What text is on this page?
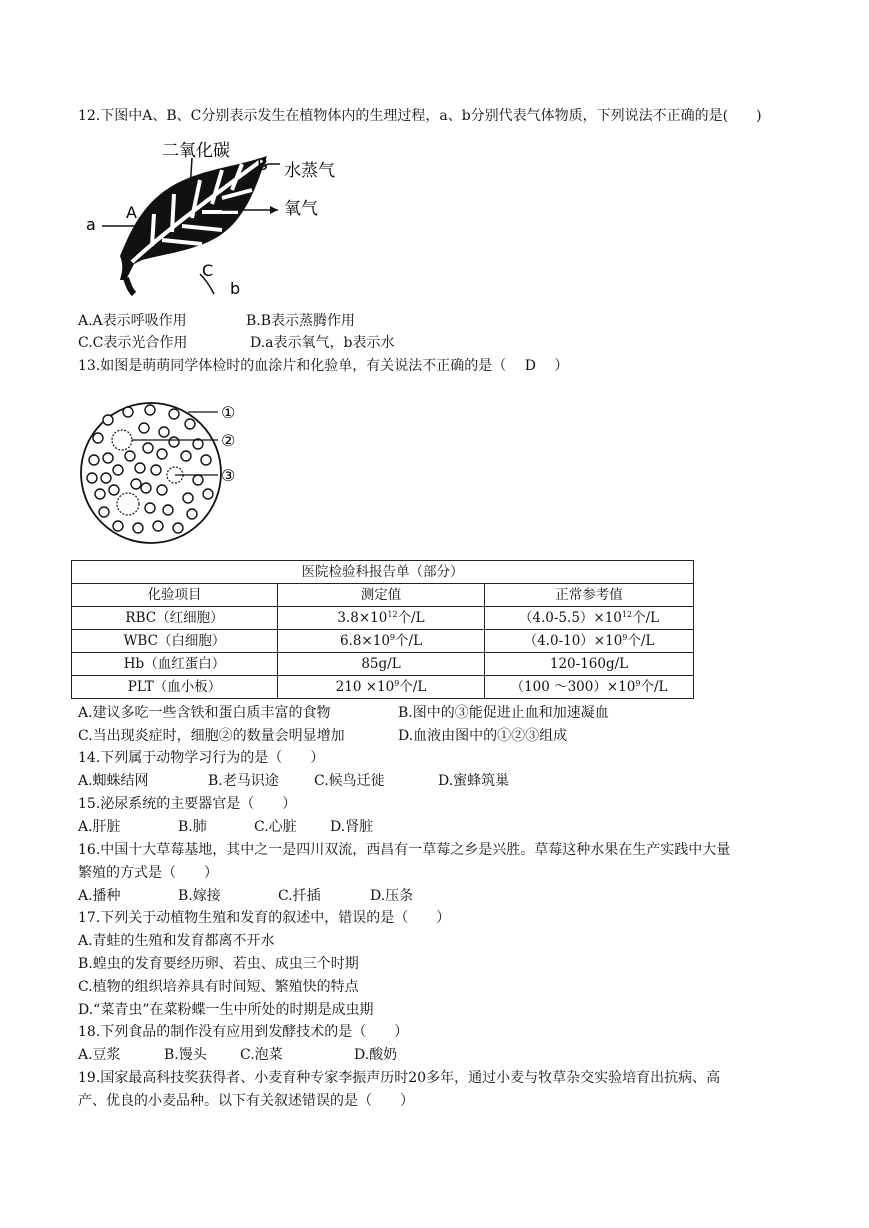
12.下图中A、B、C分别表示发生在植物体内的生理过程，a、b分别代表气体物质，下列说法不正确的是(　　)
二氧化碳
B 水蒸气
A	氧气
a
C
b
A.A表示呼吸作用	B.B表示蒸腾作用
C.C表示光合作用	D.a表示氧气，b表示水
13.如图是萌萌同学体检时的血涂片和化验单，有关说法不正确的是（　 D　 ）
①
②
③
医院检验科报告单（部分）		
化验项目	测定值	正常参考值
RBC（红细胞）	$3.8\times 10^{12}$个/L	$(4.0-5.5)\times 10^{12}$个/L
WBC（白细胞）	$6.8\times 10^9$个/L	$(4.0-10)\times 10^9$个/L
Hb（血红蛋白）	85g/L	120-160g/L
PLT（血小板）	$210 \times 10^9$个/L	（100 $\sim 300)\times 10^9$个/L
A.建议多吃一些含铁和蛋白质丰富的食物	B.图中的③能促进止血和加速凝血
C.当出现炎症时，细胞②的数量会明显增加	D.血液由图中的①②③组成
14.下列属于动物学习行为的是（　　）
A.蜘蛛结网	B.老马识途	C.候鸟迁徙	D.蜜蜂筑巢
15.泌尿系统的主要器官是（　　）
A.肝脏	B.肺	C.心脏 D.肾脏
16.中国十大草莓基地，其中之一是四川双流，西昌有一草莓之乡是兴胜。草莓这种水果在生产实践中大量
繁殖的方式是（　　）
A.播种	B.嫁接	C.扦插	D.压条
17.下列关于动植物生殖和发育的叙述中，错误的是（　　）
A.青蛙的生殖和发育都离不开水
B.蝗虫的发育要经历卵、若虫、成虫三个时期
C.植物的组织培养具有时间短、繁殖快的特点
D.“菜青虫”在菜粉蝶一生中所处的时期是成虫期
18.下列食品的制作没有应用到发酵技术的是（　　）
A.豆浆	B.馒头 C.泡菜	D.酸奶
19.国家最高科技奖获得者、小麦育种专家李振声历时20多年，通过小麦与牧草杂交实验培育出抗病、高
产、优良的小麦品种。以下有关叙述错误的是（　　）
